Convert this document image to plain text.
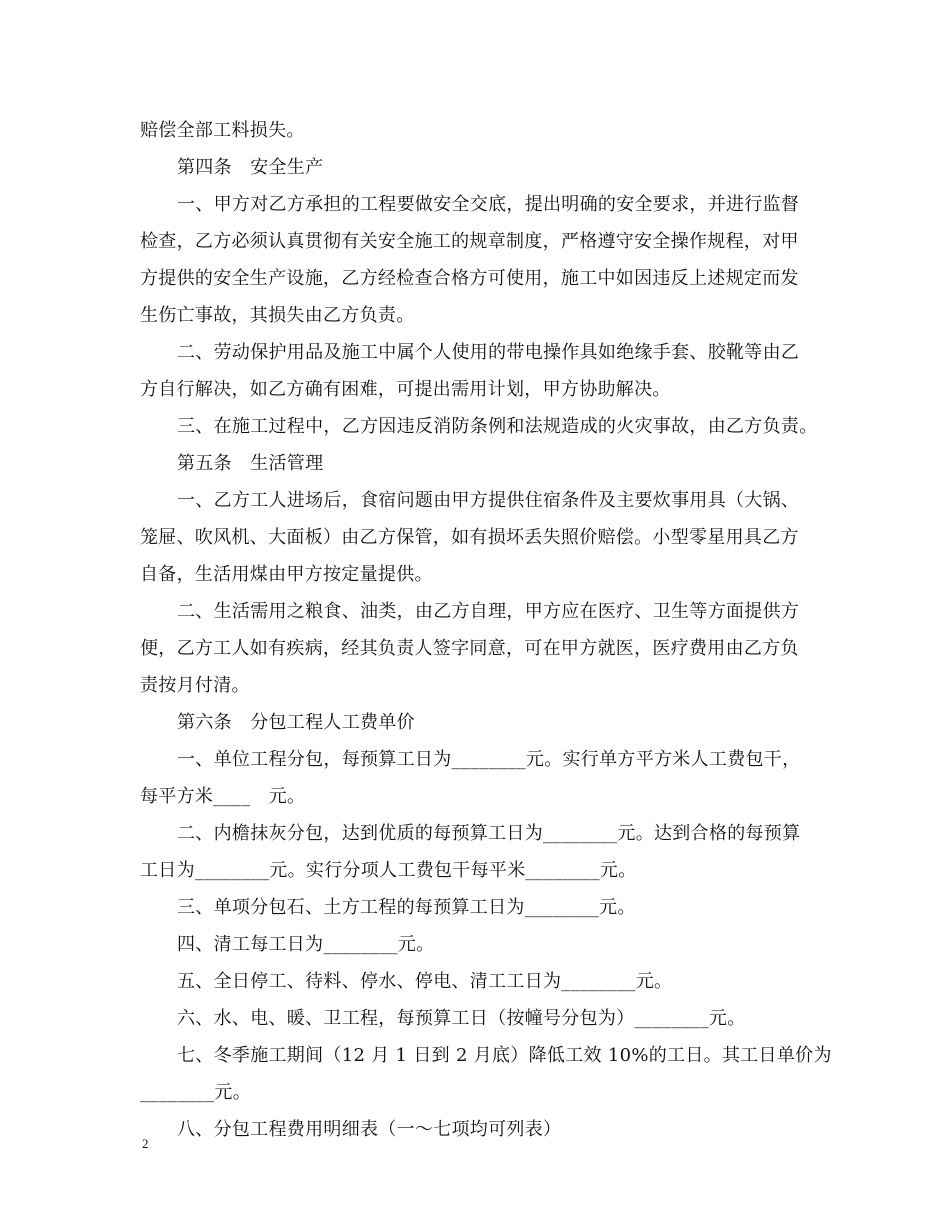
赔偿全部工料损失。
第四条　安全生产
一、甲方对乙方承担的工程要做安全交底，提出明确的安全要求，并进行监督
检查，乙方必须认真贯彻有关安全施工的规章制度，严格遵守安全操作规程，对甲
方提供的安全生产设施，乙方经检查合格方可使用，施工中如因违反上述规定而发
生伤亡事故，其损失由乙方负责。
二、劳动保护用品及施工中属个人使用的带电操作具如绝缘手套、胶靴等由乙
方自行解决，如乙方确有困难，可提出需用计划，甲方协助解决。
三、在施工过程中，乙方因违反消防条例和法规造成的火灾事故，由乙方负责。
第五条　生活管理
一、乙方工人进场后，食宿问题由甲方提供住宿条件及主要炊事用具（大锅、
笼屉、吹风机、大面板）由乙方保管，如有损坏丢失照价赔偿。小型零星用具乙方
自备，生活用煤由甲方按定量提供。
二、生活需用之粮食、油类，由乙方自理，甲方应在医疗、卫生等方面提供方
便，乙方工人如有疾病，经其负责人签字同意，可在甲方就医，医疗费用由乙方负
责按月付清。
第六条　分包工程人工费单价
一、单位工程分包，每预算工日为________元。实行单方平方米人工费包干，
每平方米____　元。
二、内檐抹灰分包，达到优质的每预算工日为________元。达到合格的每预算
工日为________元。实行分项人工费包干每平米________元。
三、单项分包石、土方工程的每预算工日为________元。
四、清工每工日为________元。
五、全日停工、待料、停水、停电、清工工日为________元。
六、水、电、暖、卫工程，每预算工日（按幢号分包为）________元。
七、冬季施工期间（12 月 1 日到 2 月底）降低工效 10%的工日。其工日单价为
________元。
八、分包工程费用明细表（一～七项均可列表）
2
